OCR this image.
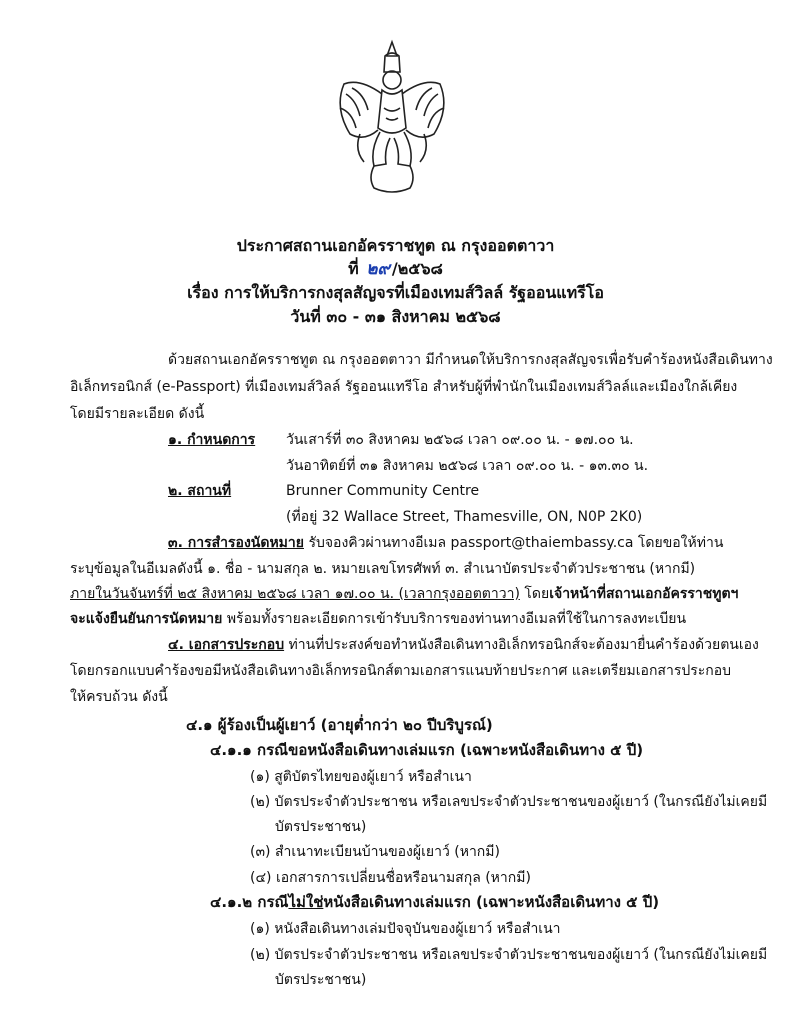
ประกาศสถานเอกอัครราชทูต ณ กรุงออตตาวา
ที่ ๒๙ /๒๕๖๘
เรื่อง การให้บริการกงสุลสัญจรที่เมืองเทมส์วิลล์ รัฐออนแทรีโอ
วันที่ ๓๐ - ๓๑ สิงหาคม ๒๕๖๘
ด้วยสถานเอกอัครราชทูต ณ กรุงออตตาวา มีกำหนดให้บริการกงสุลสัญจรเพื่อรับคำร้องหนังสือเดินทาง
อิเล็กทรอนิกส์ (e-Passport) ที่เมืองเทมส์วิลล์ รัฐออนแทรีโอ สำหรับผู้ที่พำนักในเมืองเทมส์วิลล์และเมืองใกล้เคียง
โดยมีรายละเอียด ดังนี้
๑. กำหนดการ วันเสาร์ที่ ๓๐ สิงหาคม ๒๕๖๘ เวลา ๐๙.๐๐ น. - ๑๗.๐๐ น.
วันอาทิตย์ที่ ๓๑ สิงหาคม ๒๕๖๘ เวลา ๐๙.๐๐ น. - ๑๓.๓๐ น.
๒. สถานที่	Brunner Community Centre
(ที่อยู่ 32 Wallace Street, Thamesville, ON, N0P 2K0)
๓. การสำรองนัดหมาย รับจองคิวผ่านทางอีเมล passport@thaiembassy.ca โดยขอให้ท่าน
ระบุข้อมูลในอีเมลดังนี้ ๑. ชื่อ - นามสกุล ๒. หมายเลขโทรศัพท์ ๓. สำเนาบัตรประจำตัวประชาชน (หากมี)
ภายในวันจันทร์ที่ ๒๕ สิงหาคม ๒๕๖๘ เวลา ๑๗.๐๐ น. (เวลากรุงออตตาวา) โดยเจ้าหน้าที่สถานเอกอัครราชทูตฯ
จะแจ้งยืนยันการนัดหมาย พร้อมทั้งรายละเอียดการเข้ารับบริการของท่านทางอีเมลที่ใช้ในการลงทะเบียน
๔. เอกสารประกอบ ท่านที่ประสงค์ขอทำหนังสือเดินทางอิเล็กทรอนิกส์จะต้องมายื่นคำร้องด้วยตนเอง
โดยกรอกแบบคำร้องขอมีหนังสือเดินทางอิเล็กทรอนิกส์ตามเอกสารแนบท้ายประกาศ และเตรียมเอกสารประกอบ
ให้ครบถ้วน ดังนี้
๔.๑ ผู้ร้องเป็นผู้เยาว์ (อายุต่ำกว่า ๒๐ ปีบริบูรณ์)
๔.๑.๑ กรณีขอหนังสือเดินทางเล่มแรก (เฉพาะหนังสือเดินทาง ๕ ปี)
(๑) สูติบัตรไทยของผู้เยาว์ หรือสำเนา
(๒) บัตรประจำตัวประชาชน หรือเลขประจำตัวประชาชนของผู้เยาว์ (ในกรณียังไม่เคยมี
บัตรประชาชน)
(๓) สำเนาทะเบียนบ้านของผู้เยาว์ (หากมี)
(๔) เอกสารการเปลี่ยนชื่อหรือนามสกุล (หากมี)
๔.๑.๒ กรณีไม่ใช่หนังสือเดินทางเล่มแรก (เฉพาะหนังสือเดินทาง ๕ ปี)
(๑) หนังสือเดินทางเล่มปัจจุบันของผู้เยาว์ หรือสำเนา
(๒) บัตรประจำตัวประชาชน หรือเลขประจำตัวประชาชนของผู้เยาว์ (ในกรณียังไม่เคยมี
บัตรประชาชน)
